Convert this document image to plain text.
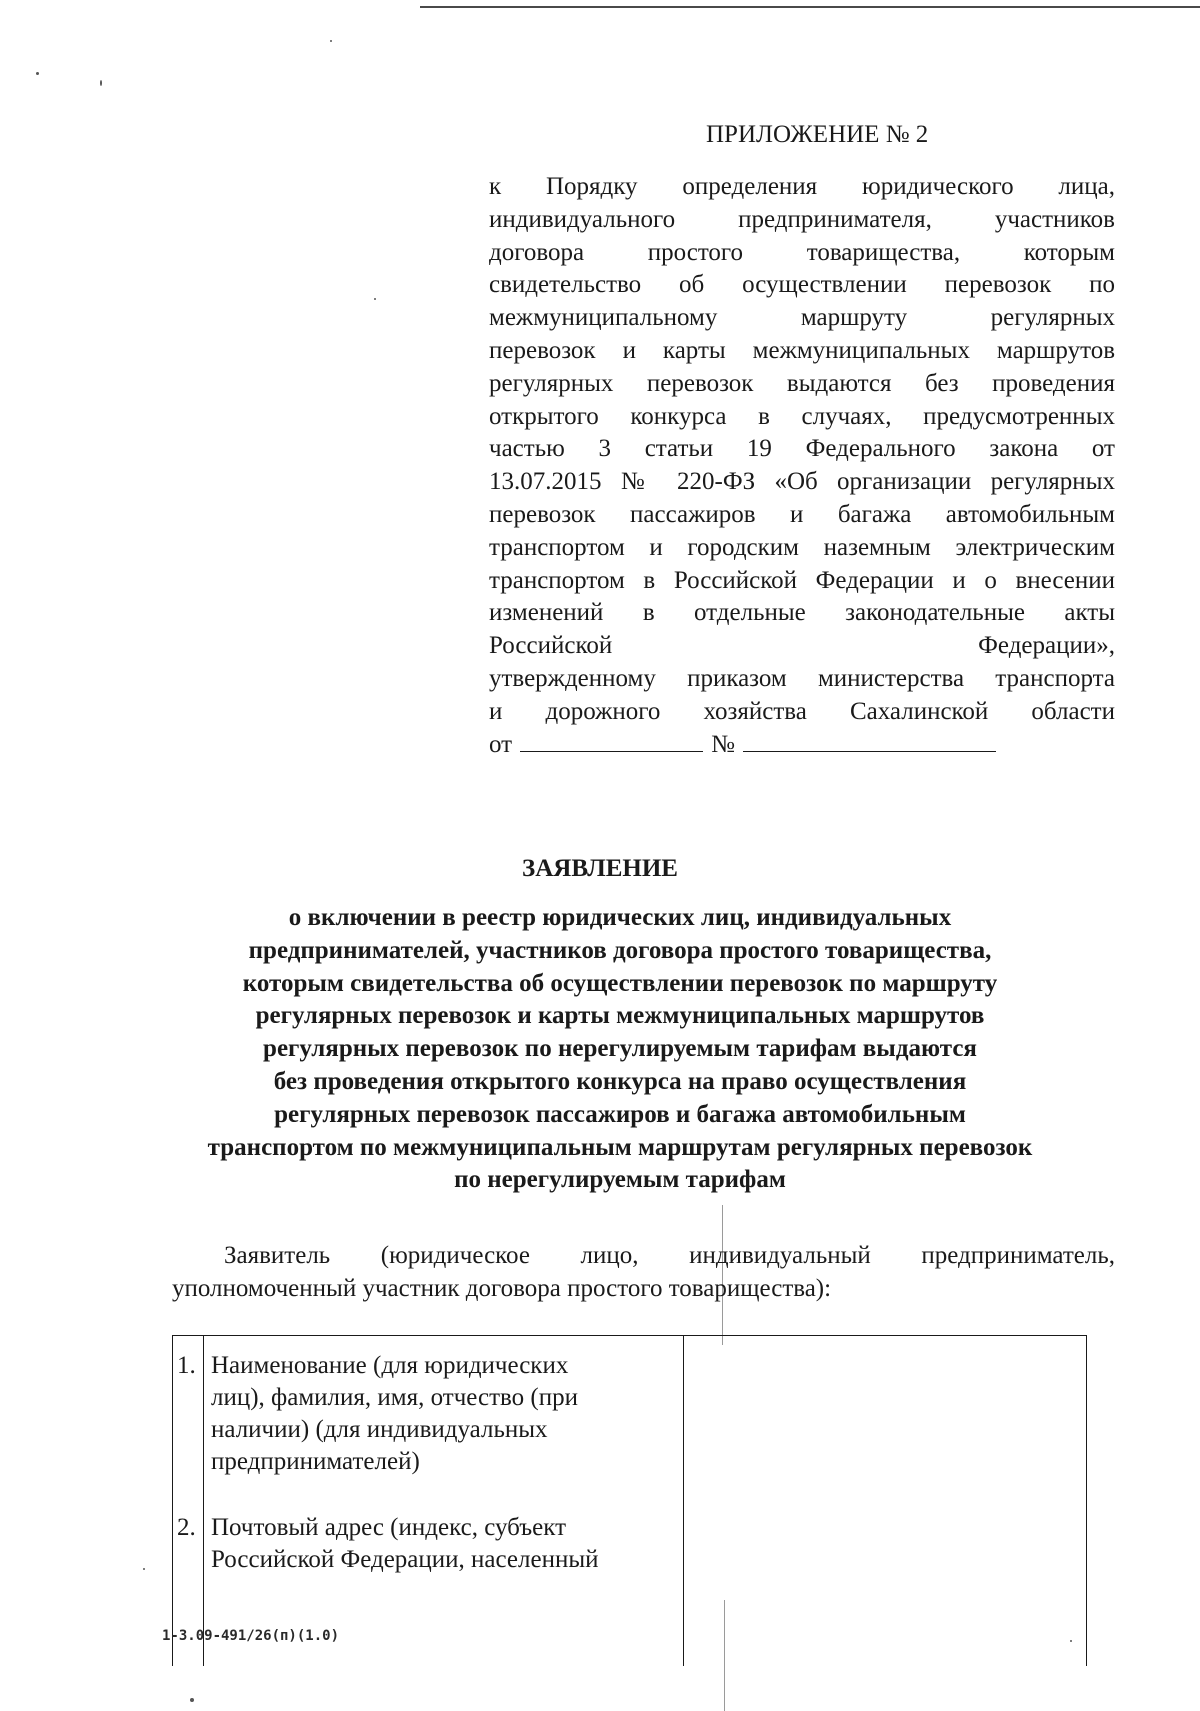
ПРИЛОЖЕНИЕ № 2
к Порядку определения юридического лица,
индивидуального предпринимателя, участников
договора простого товарищества, которым
свидетельство об осуществлении перевозок по
межмуниципальному маршруту регулярных
перевозок и карты межмуниципальных маршрутов
регулярных перевозок выдаются без проведения
открытого конкурса в случаях, предусмотренных
частью 3 статьи 19 Федерального закона от
13.07.2015 № 220-ФЗ «Об организации регулярных
перевозок пассажиров и багажа автомобильным
транспортом и городским наземным электрическим
транспортом в Российской Федерации и о внесении
изменений в отдельные законодательные акты
Российской Федерации»,
утвержденному приказом министерства транспорта
и дорожного хозяйства Сахалинской области
от	№
ЗАЯВЛЕНИЕ
о включении в реестр юридических лиц, индивидуальных
предпринимателей, участников договора простого товарищества,
которым свидетельства об осуществлении перевозок по маршруту
регулярных перевозок и карты межмуниципальных маршрутов
регулярных перевозок по нерегулируемым тарифам выдаются
без проведения открытого конкурса на право осуществления
регулярных перевозок пассажиров и багажа автомобильным
транспортом по межмуниципальным маршрутам регулярных перевозок
по нерегулируемым тарифам
Заявитель (юридическое лицо, индивидуальный предприниматель,
уполномоченный участник договора простого товарищества):
1. Наименование (для юридических
лиц), фамилия, имя, отчество (при
наличии) (для индивидуальных
предпринимателей)
2. Почтовый адрес (индекс, субъект
Российской Федерации, населенный
1-3.09-491/26(п)(1.0)
